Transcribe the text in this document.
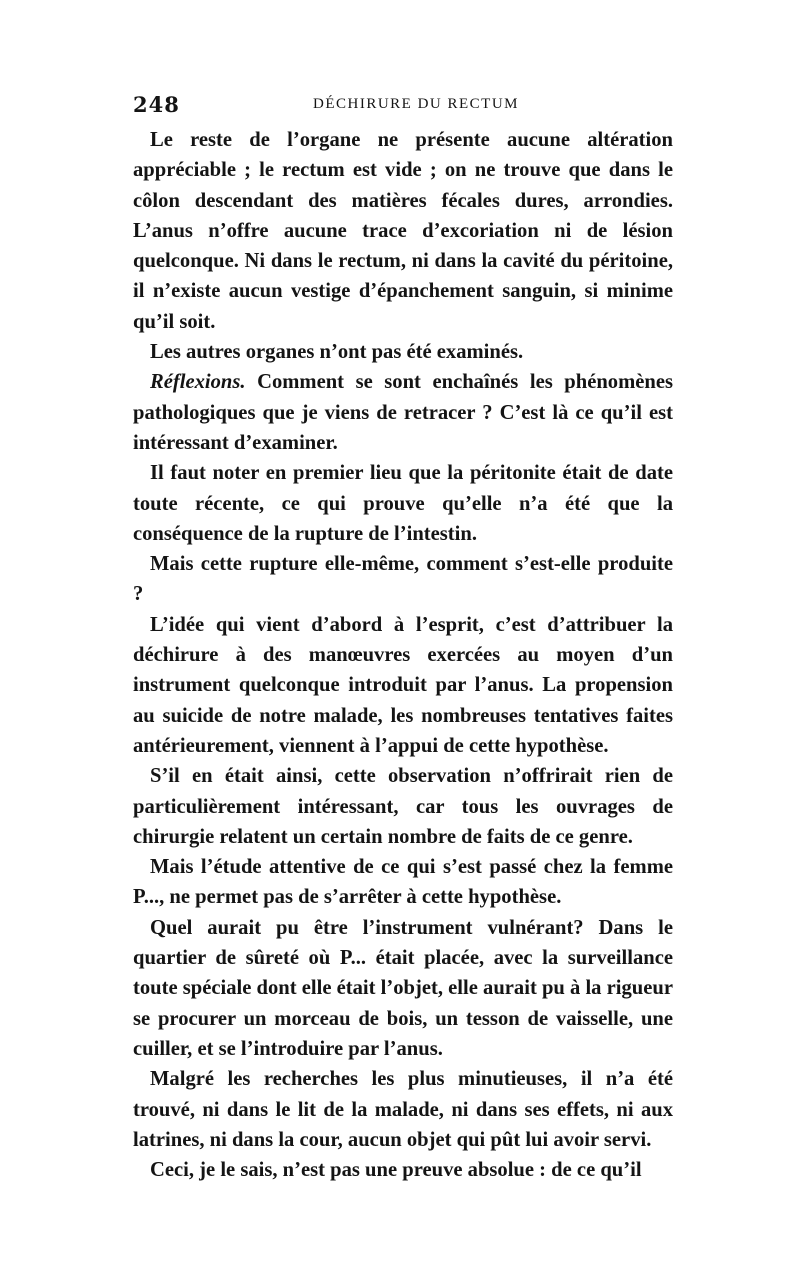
248	DÉCHIRURE DU RECTUM

Le reste de l’organe ne présente aucune altération appréciable ; le rectum est vide ; on ne trouve que dans le côlon descendant des matières fécales dures, arrondies. L’anus n’offre aucune trace d’excoriation ni de lésion quelconque. Ni dans le rectum, ni dans la cavité du péritoine, il n’existe aucun vestige d’épanchement sanguin, si minime qu’il soit.

Les autres organes n’ont pas été examinés.

Réflexions. Comment se sont enchaînés les phénomènes pathologiques que je viens de retracer ? C’est là ce qu’il est intéressant d’examiner.

Il faut noter en premier lieu que la péritonite était de date toute récente, ce qui prouve qu’elle n’a été que la conséquence de la rupture de l’intestin.

Mais cette rupture elle-même, comment s’est-elle produite ?

L’idée qui vient d’abord à l’esprit, c’est d’attribuer la déchirure à des manœuvres exercées au moyen d’un instrument quelconque introduit par l’anus. La propension au suicide de notre malade, les nombreuses tentatives faites antérieurement, viennent à l’appui de cette hypothèse.

S’il en était ainsi, cette observation n’offrirait rien de particulièrement intéressant, car tous les ouvrages de chirurgie relatent un certain nombre de faits de ce genre.

Mais l’étude attentive de ce qui s’est passé chez la femme P..., ne permet pas de s’arrêter à cette hypothèse.

Quel aurait pu être l’instrument vulnérant? Dans le quartier de sûreté où P... était placée, avec la surveillance toute spéciale dont elle était l’objet, elle aurait pu à la rigueur se procurer un morceau de bois, un tesson de vaisselle, une cuiller, et se l’introduire par l’anus.

Malgré les recherches les plus minutieuses, il n’a été trouvé, ni dans le lit de la malade, ni dans ses effets, ni aux latrines, ni dans la cour, aucun objet qui pût lui avoir servi.

Ceci, je le sais, n’est pas une preuve absolue : de ce qu’il
